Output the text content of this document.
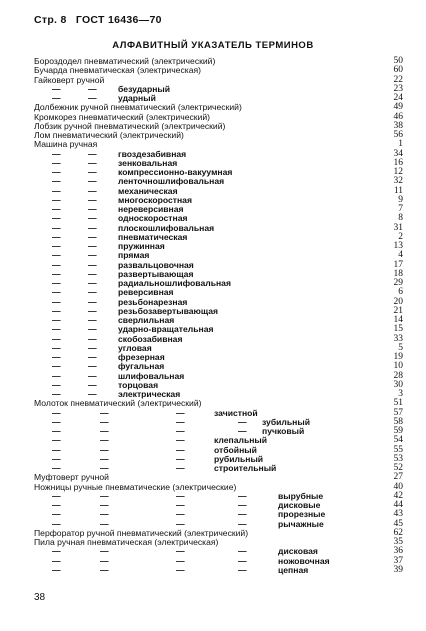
Стр. 8 ГОСТ 16436—70
АЛФАВИТНЫЙ УКАЗАТЕЛЬ ТЕРМИНОВ
Бороздодел пневматический (электрический)	50
Бучарда пневматическая (электрическая)	60
Гайковерт ручной	22
—	—	безударный	23
—	—	ударный	24
Долбежник ручной пневматический (электрический)	49
Кромкорез пневматический (электрический)	46
Лобзик ручной пневматический (электрический)	38
Лом пневматический (электрический)	56
Машина ручная	1
—	—	гвоздезабивная	34
—	—	зенковальная	16
—	—	компрессионно-вакуумная	12
—	—	ленточношлифовальная	32
—	—	механическая	11
—	—	многоскоростная	9
—	—	нереверсивная	7
—	—	односкоростная	8
—	—	плоскошлифовальная	31
—	—	пневматическая	2
—	—	пружинная	13
—	—	прямая	4
—	—	развальцовочная	17
—	—	развертывающая	18
—	—	радиальношлифовальная	29
—	—	реверсивная	6
—	—	резьбонарезная	20
—	—	резьбозавертывающая	21
—	—	сверлильная	14
—	—	ударно-вращательная	15
—	—	скобозабивная	33
—	—	угловая	5
—	—	фрезерная	19
—	—	фугальная	10
—	—	шлифовальная	28
—	—	торцовая	30
—	—	электрическая	3
Молоток пневматический (электрический)	51
—	—	—	зачистной	57
—	—	—	— зубильный	58
—	—	—	— пучковый	59
—	—	—	клепальный	54
—	—	—	отбойный	55
—	—	—	рубильный	53
—	—	—	строительный	52
Муфтоверт ручной	27
Ножницы ручные пневматические (электрические)	40
—	—	—	—	вырубные	42
—	—	—	—	дисковые	44
—	—	—	—	прорезные	43
—	—	—	—	рычажные	45
Перфоратор ручной пневматический (электрический)	62
Пила ручная пневматическая (электрическая)	35
—	—	—	—	дисковая	36
—	—	—	—	ножовочная	37
—	—	—	—	цепная	39
38
